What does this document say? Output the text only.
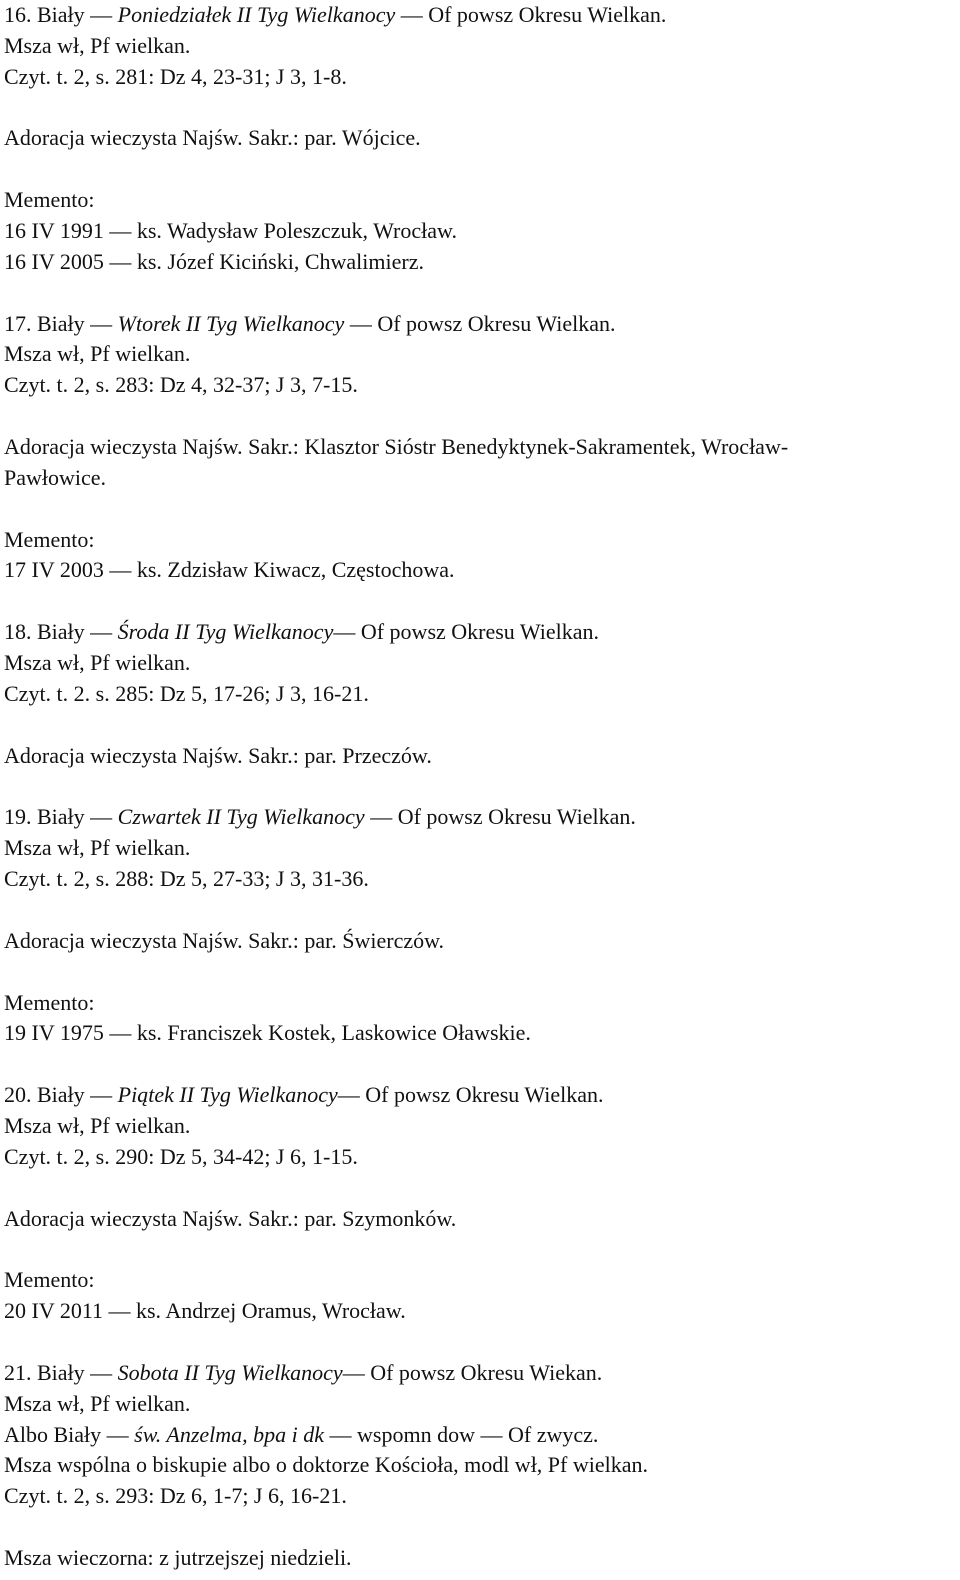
16. Biały –– Poniedziałek II Tyg Wielkanocy –– Of powsz Okresu Wielkan.
Msza wł, Pf wielkan.
Czyt. t. 2, s. 281: Dz 4, 23-31; J 3, 1-8.
Adoracja wieczysta Najśw. Sakr.: par. Wójcice.
Memento:
16 IV 1991 –– ks. Wadysław Poleszczuk, Wrocław.
16 IV 2005 –– ks. Józef Kiciński, Chwalimierz.
17. Biały –– Wtorek II Tyg Wielkanocy –– Of powsz Okresu Wielkan.
Msza wł, Pf wielkan.
Czyt. t. 2, s. 283: Dz 4, 32-37; J 3, 7-15.
Adoracja wieczysta Najśw. Sakr.: Klasztor Sióstr Benedyktynek-Sakramentek, Wrocław-
Pawłowice.
Memento:
17 IV 2003 –– ks. Zdzisław Kiwacz, Częstochowa.
18. Biały –– Środa II Tyg Wielkanocy–– Of powsz Okresu Wielkan.
Msza wł, Pf wielkan.
Czyt. t. 2. s. 285: Dz 5, 17-26; J 3, 16-21.
Adoracja wieczysta Najśw. Sakr.: par. Przeczów.
19. Biały –– Czwartek II Tyg Wielkanocy –– Of powsz Okresu Wielkan.
Msza wł, Pf wielkan.
Czyt. t. 2, s. 288: Dz 5, 27-33; J 3, 31-36.
Adoracja wieczysta Najśw. Sakr.: par. Świerczów.
Memento:
19 IV 1975 –– ks. Franciszek Kostek, Laskowice Oławskie.
20. Biały –– Piątek II Tyg Wielkanocy–– Of powsz Okresu Wielkan.
Msza wł, Pf wielkan.
Czyt. t. 2, s. 290: Dz 5, 34-42; J 6, 1-15.
Adoracja wieczysta Najśw. Sakr.: par. Szymonków.
Memento:
20 IV 2011 –– ks. Andrzej Oramus, Wrocław.
21. Biały –– Sobota II Tyg Wielkanocy–– Of powsz Okresu Wiekan.
Msza wł, Pf wielkan.
Albo Biały –– św. Anzelma, bpa i dk –– wspomn dow –– Of zwycz.
Msza wspólna o biskupie albo o doktorze Kościoła, modl wł, Pf wielkan.
Czyt. t. 2, s. 293: Dz 6, 1-7; J 6, 16-21.
Msza wieczorna: z jutrzejszej niedzieli.
